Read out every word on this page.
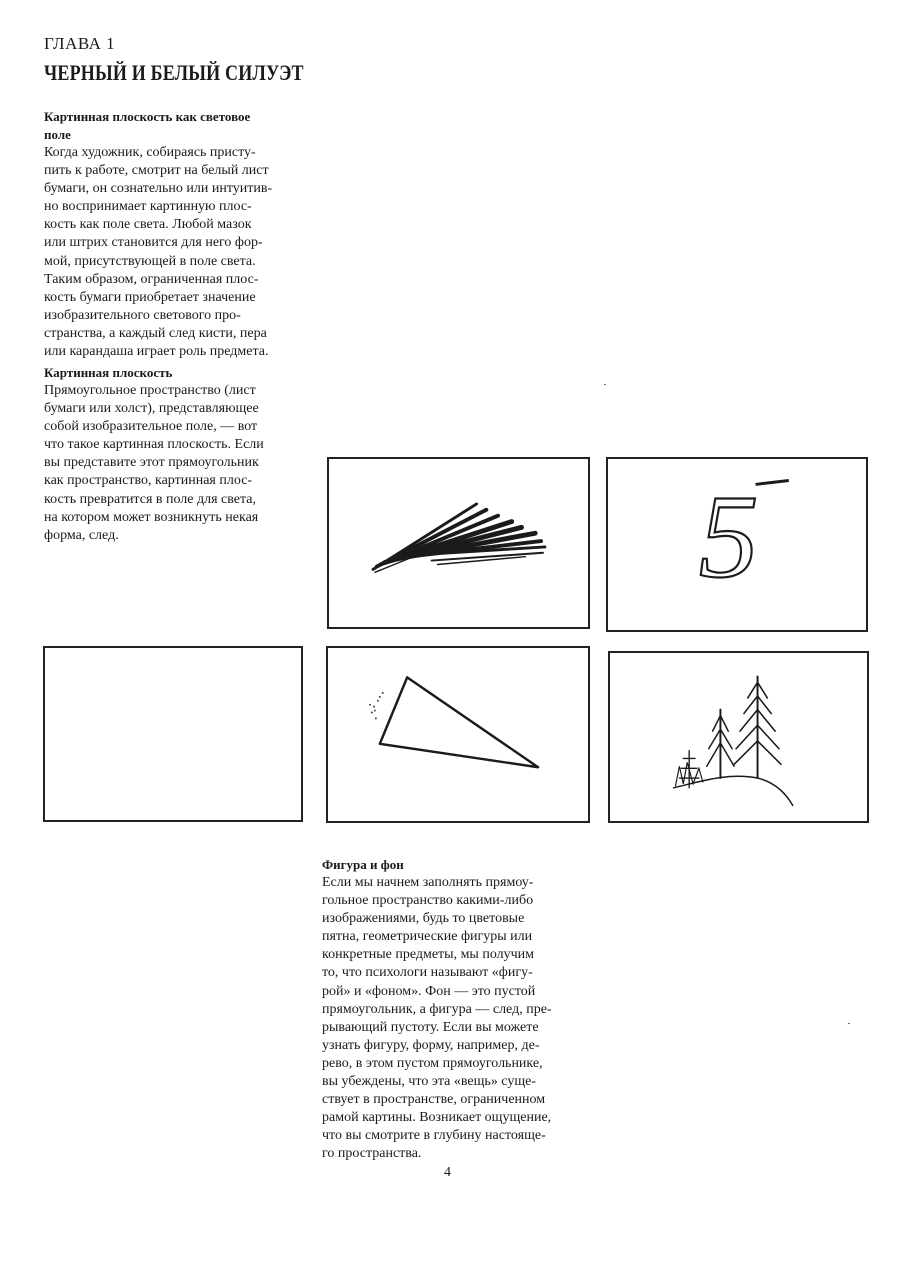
ГЛАВА 1
ЧЕРНЫЙ И БЕЛЫЙ СИЛУЭТ
Картинная плоскость как световое
поле
Когда художник, собираясь присту-
пить к работе, смотрит на белый лист
бумаги, он сознательно или интуитив-
но воспринимает картинную плос-
кость как поле света. Любой мазок
или штрих становится для него фор-
мой, присутствующей в поле света.
Таким образом, ограниченная плос-
кость бумаги приобретает значение
изобразительного светового про-
странства, а каждый след кисти, пера
или карандаша играет роль предмета.
Картинная плоскость
Прямоугольное пространство (лист
бумаги или холст), представляющее
собой изобразительное поле, — вот
что такое картинная плоскость. Если
вы представите этот прямоугольник
как пространство, картинная плос-
кость превратится в поле для света,
на котором может возникнуть некая
форма, след.	5
Фигура и фон
Если мы начнем заполнять прямоу-
гольное пространство какими-либо
изображениями, будь то цветовые
пятна, геометрические фигуры или
конкретные предметы, мы получим
то, что психологи называют «фигу-
рой» и «фоном». Фон — это пустой
прямоугольник, а фигура — след, пре-
рывающий пустоту. Если вы можете
узнать фигуру, форму, например, де-
рево, в этом пустом прямоугольнике,
вы убеждены, что эта «вещь» суще-
ствует в пространстве, ограниченном
рамой картины. Возникает ощущение,
что вы смотрите в глубину настояще-
го пространства.
4
